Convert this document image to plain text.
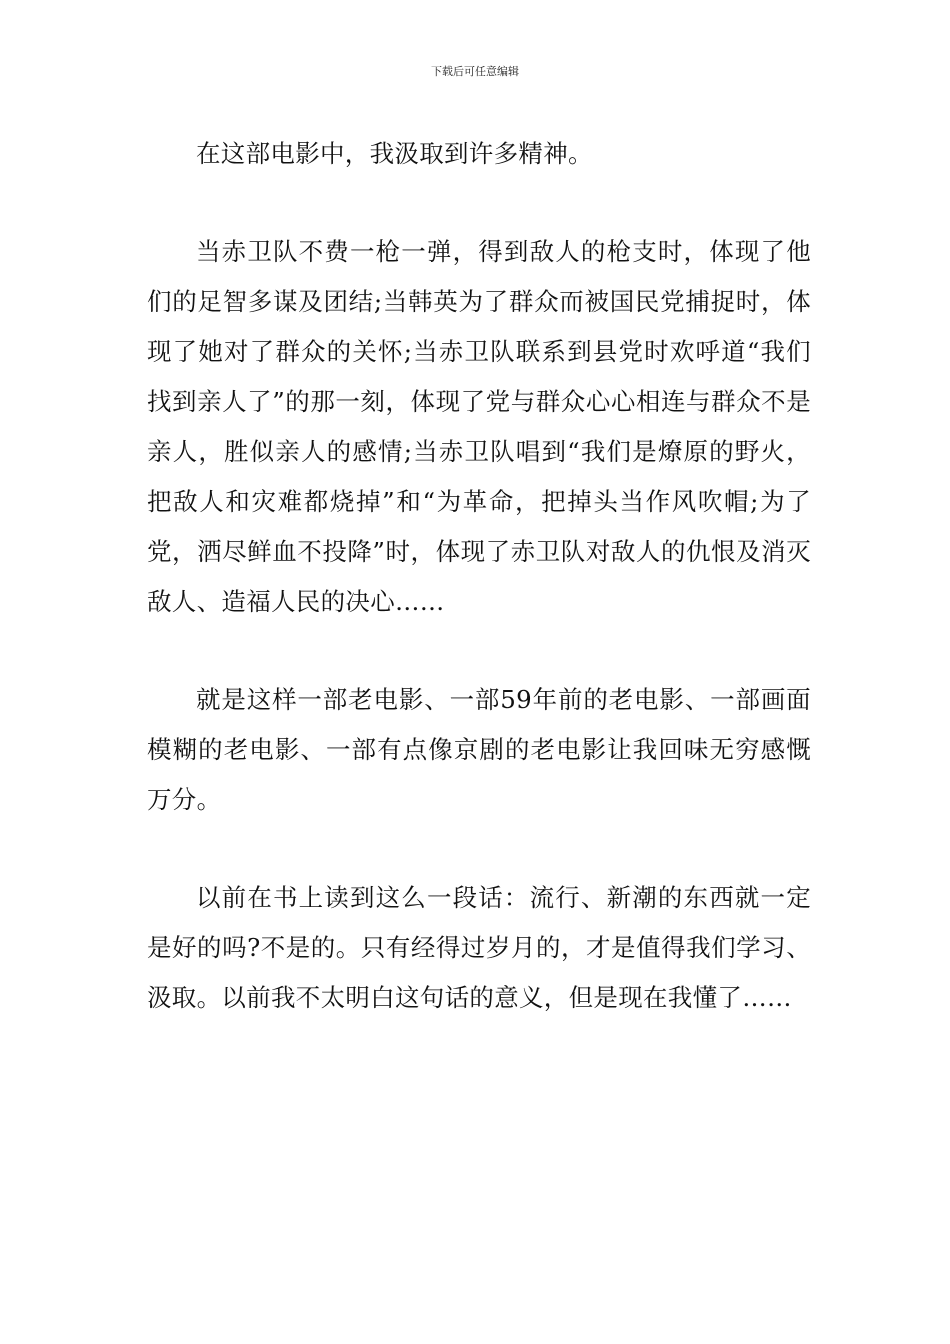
下载后可任意编辑

在这部电影中，我汲取到许多精神。

当赤卫队不费一枪一弹，得到敌人的枪支时，体现了他们的足智多谋及团结;当韩英为了群众而被国民党捕捉时，体现了她对了群众的关怀;当赤卫队联系到县党时欢呼道“我们找到亲人了”的那一刻，体现了党与群众心心相连与群众不是亲人，胜似亲人的感情;当赤卫队唱到“我们是燎原的野火，把敌人和灾难都烧掉”和“为革命，把掉头当作风吹帽;为了党，洒尽鲜血不投降”时，体现了赤卫队对敌人的仇恨及消灭敌人、造福人民的决心……

就是这样一部老电影、一部59年前的老电影、一部画面模糊的老电影、一部有点像京剧的老电影让我回味无穷感慨万分。

以前在书上读到这么一段话：流行、新潮的东西就一定是好的吗?不是的。只有经得过岁月的，才是值得我们学习、汲取。以前我不太明白这句话的意义，但是现在我懂了……
